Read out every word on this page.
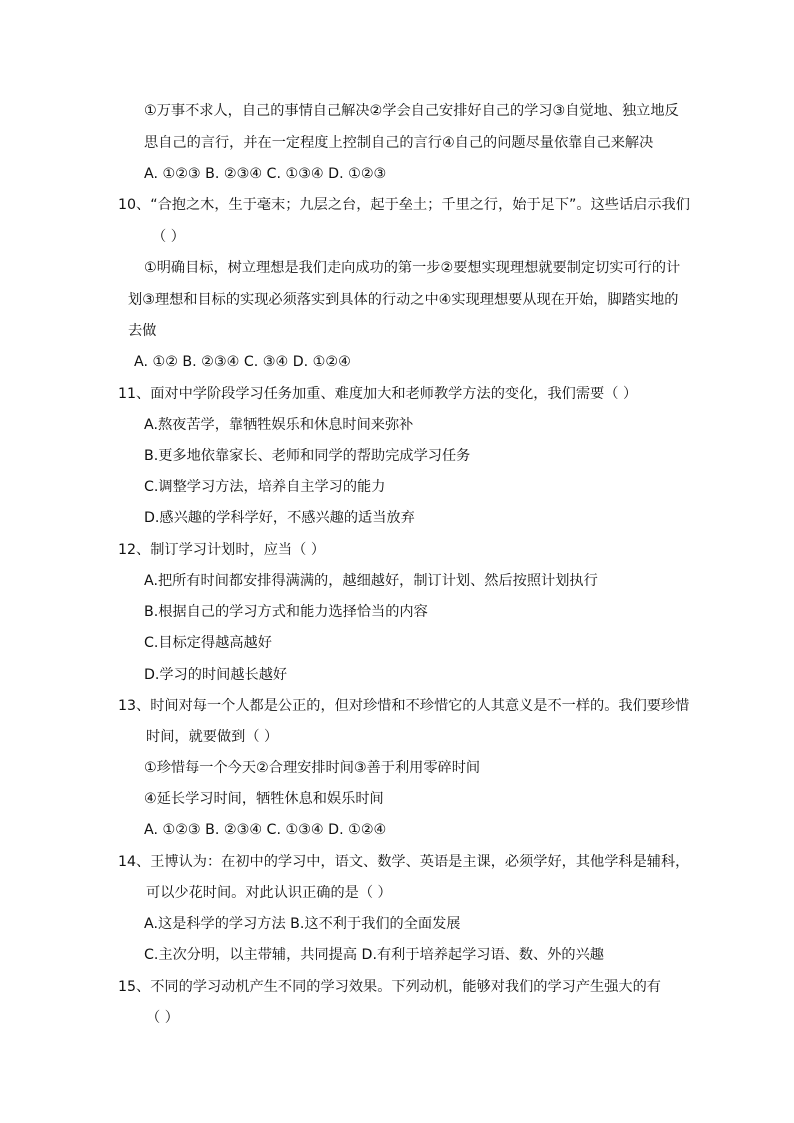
①万事不求人，自己的事情自己解决②学会自己安排好自己的学习③自觉地、独立地反
思自己的言行，并在一定程度上控制自己的言行④自己的问题尽量依靠自己来解决
A. ①②③ B. ②③④ C. ①③④ D. ①②③
10、“合抱之木，生于毫末；九层之台，起于垒土；千里之行，始于足下”。这些话启示我们
（ ）
①明确目标，树立理想是我们走向成功的第一步②要想实现理想就要制定切实可行的计
划③理想和目标的实现必须落实到具体的行动之中④实现理想要从现在开始，脚踏实地的
去做
A. ①② B. ②③④ C. ③④ D. ①②④
11、面对中学阶段学习任务加重、难度加大和老师教学方法的变化，我们需要（ ）
A.熬夜苦学，靠牺牲娱乐和休息时间来弥补
B.更多地依靠家长、老师和同学的帮助完成学习任务
C.调整学习方法，培养自主学习的能力
D.感兴趣的学科学好，不感兴趣的适当放弃
12、制订学习计划时，应当（ ）
A.把所有时间都安排得满满的，越细越好，制订计划、然后按照计划执行
B.根据自己的学习方式和能力选择恰当的内容
C.目标定得越高越好
D.学习的时间越长越好
13、时间对每一个人都是公正的，但对珍惜和不珍惜它的人其意义是不一样的。我们要珍惜
时间，就要做到（ ）
①珍惜每一个今天②合理安排时间③善于利用零碎时间
④延长学习时间，牺牲休息和娱乐时间
A. ①②③ B. ②③④ C. ①③④ D. ①②④
14、王博认为：在初中的学习中，语文、数学、英语是主课，必须学好，其他学科是辅科，
可以少花时间。对此认识正确的是（ ）
A.这是科学的学习方法 B.这不利于我们的全面发展
C.主次分明，以主带辅，共同提高 D.有利于培养起学习语、数、外的兴趣
15、不同的学习动机产生不同的学习效果。下列动机，能够对我们的学习产生强大的有
（ ）
